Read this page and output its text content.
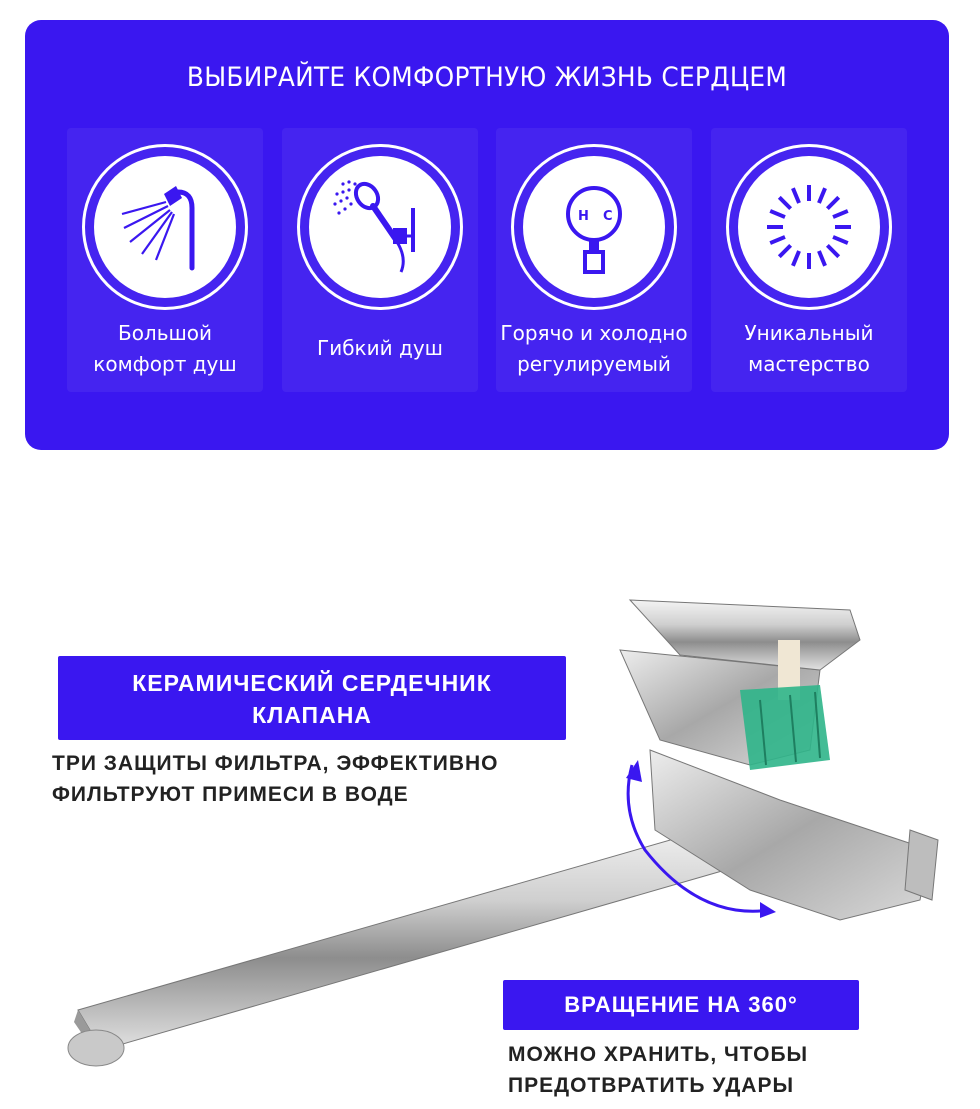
ВЫБИРАЙТЕ КОМФОРТНУЮ ЖИЗНЬ СЕРДЦЕМ
Большой
комфорт душ
Гибкий душ
H C
Горячо и холодно
регулируемый
Уникальный
мастерство
КЕРАМИЧЕСКИЙ СЕРДЕЧНИК
КЛАПАНА
ТРИ ЗАЩИТЫ ФИЛЬТРА, ЭФФЕКТИВНО
ФИЛЬТРУЮТ ПРИМЕСИ В ВОДЕ
ВРАЩЕНИЕ НА 360°
МОЖНО ХРАНИТЬ, ЧТОБЫ
ПРЕДОТВРАТИТЬ УДАРЫ
